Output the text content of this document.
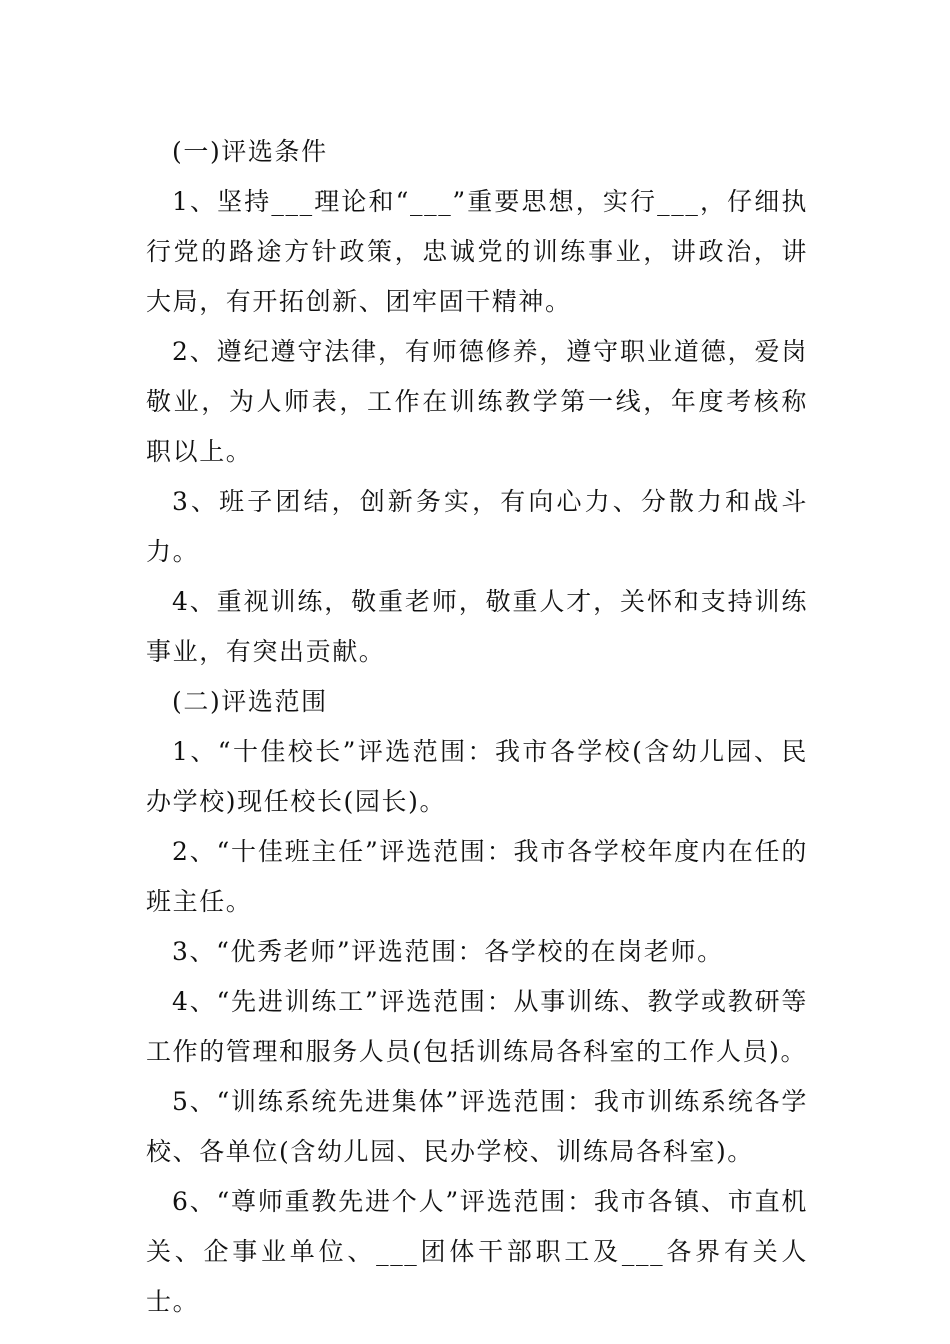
(一)评选条件

1、坚持___理论和“___”重要思想，实行___，仔细执行党的路途方针政策，忠诚党的训练事业，讲政治，讲大局，有开拓创新、团牢固干精神。

2、遵纪遵守法律，有师德修养，遵守职业道德，爱岗敬业，为人师表，工作在训练教学第一线，年度考核称职以上。

3、班子团结，创新务实，有向心力、分散力和战斗力。

4、重视训练，敬重老师，敬重人才，关怀和支持训练事业，有突出贡献。

(二)评选范围

1、“十佳校长”评选范围：我市各学校(含幼儿园、民办学校)现任校长(园长)。

2、“十佳班主任”评选范围：我市各学校年度内在任的班主任。

3、“优秀老师”评选范围：各学校的在岗老师。

4、“先进训练工”评选范围：从事训练、教学或教研等工作的管理和服务人员(包括训练局各科室的工作人员)。

5、“训练系统先进集体”评选范围：我市训练系统各学校、各单位(含幼儿园、民办学校、训练局各科室)。

6、“尊师重教先进个人”评选范围：我市各镇、市直机关、企事业单位、___团体干部职工及___各界有关人士。
